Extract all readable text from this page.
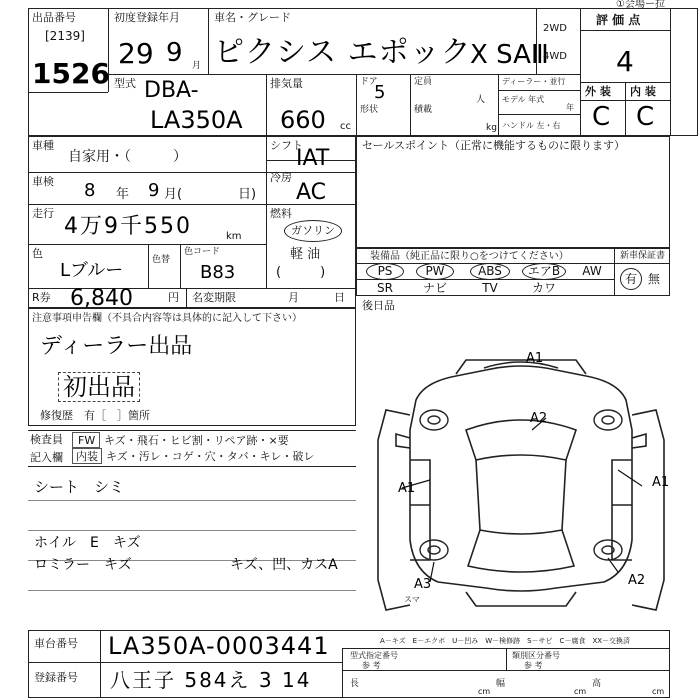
出品番号
[2139]
1526
初度登録年月
29 9 月
車名・グレード
ピクシス エポック
X SAⅢ
2WD
4WD
①会場ー拉
評 価 点
4
外 装 内 装
C C
型式 DBA-
LA350A
排気量
660 cc
ドア
5
形状
定員
人
積載
kg
ディーラー・並行
モデル 年式
年
ハンドル 左・右
車種
自家用・（　　　）
シフト
IAT
車検 8 年 9 月(	日)
冷房
AC
走行
4万9千550	km
燃料
ガソリン
軽 油
(　　　)
色
Lブルー	色替
色コード
B83
R券 6,840	円 名変期限	月	日
セールスポイント（正常に機能するものに限ります）
装備品（純正品に限り○をつけてください）	新車保証書
PS	PW	ABS	エアB	AW
SR	ナビ	TV	カワ
有 無
後日品
注意事項申告欄（不具合内容等は具体的に記入して下さい）
ディーラー出品
初出品
修復歴　有［　］箇所
検査員
記入欄
FW キズ・飛石・ヒビ割・リペア跡・×要
内装 キズ・汚レ・コゲ・穴・タバ・キレ・破レ
シート　シミ
ホイル　E　キズ
ロミラー　キズ	キズ、凹、カスA
A1
A2
A1	A1
A2
A3
スマ
車台番号 LA350A-0003441
登録番号 八王子 584え 3 14
A－キズ　E－エクボ　U－凹み　W－検修跡　S－サビ　C－腐食　XX－交換済
型式指定番号
参 考
類別区分番号
参 考
長
cm
幅
cm
高
cm
